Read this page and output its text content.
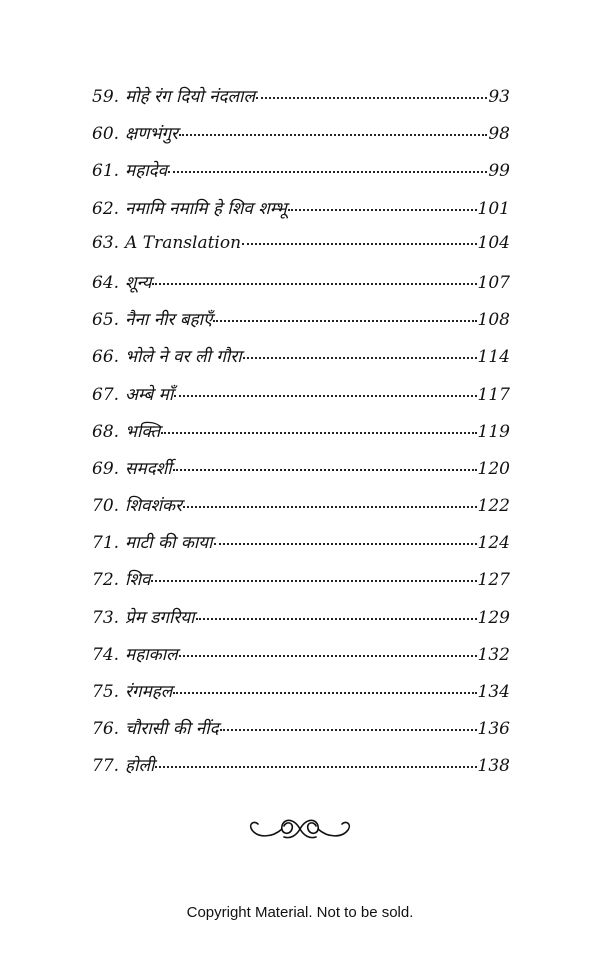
59. मोहे रंग दियो नंदलाल	93
60. क्षणभंगुर	98
61. महादेव	99
62. नमामि नमामि हे शिव शम्भू	101
63. A Translation	104
64. शून्य	107
65. नैना नीर बहाएँ	108
66. भोले ने वर ली गौरा	114
67. अम्बे माँ	117
68. भक्ति	119
69. समदर्शी	120
70. शिवशंकर	122
71. माटी की काया	124
72. शिव	127
73. प्रेम डगरिया	129
74. महाकाल	132
75. रंगमहल	134
76. चौरासी की नींद	136
77. होली	138
Copyright Material. Not to be sold.
